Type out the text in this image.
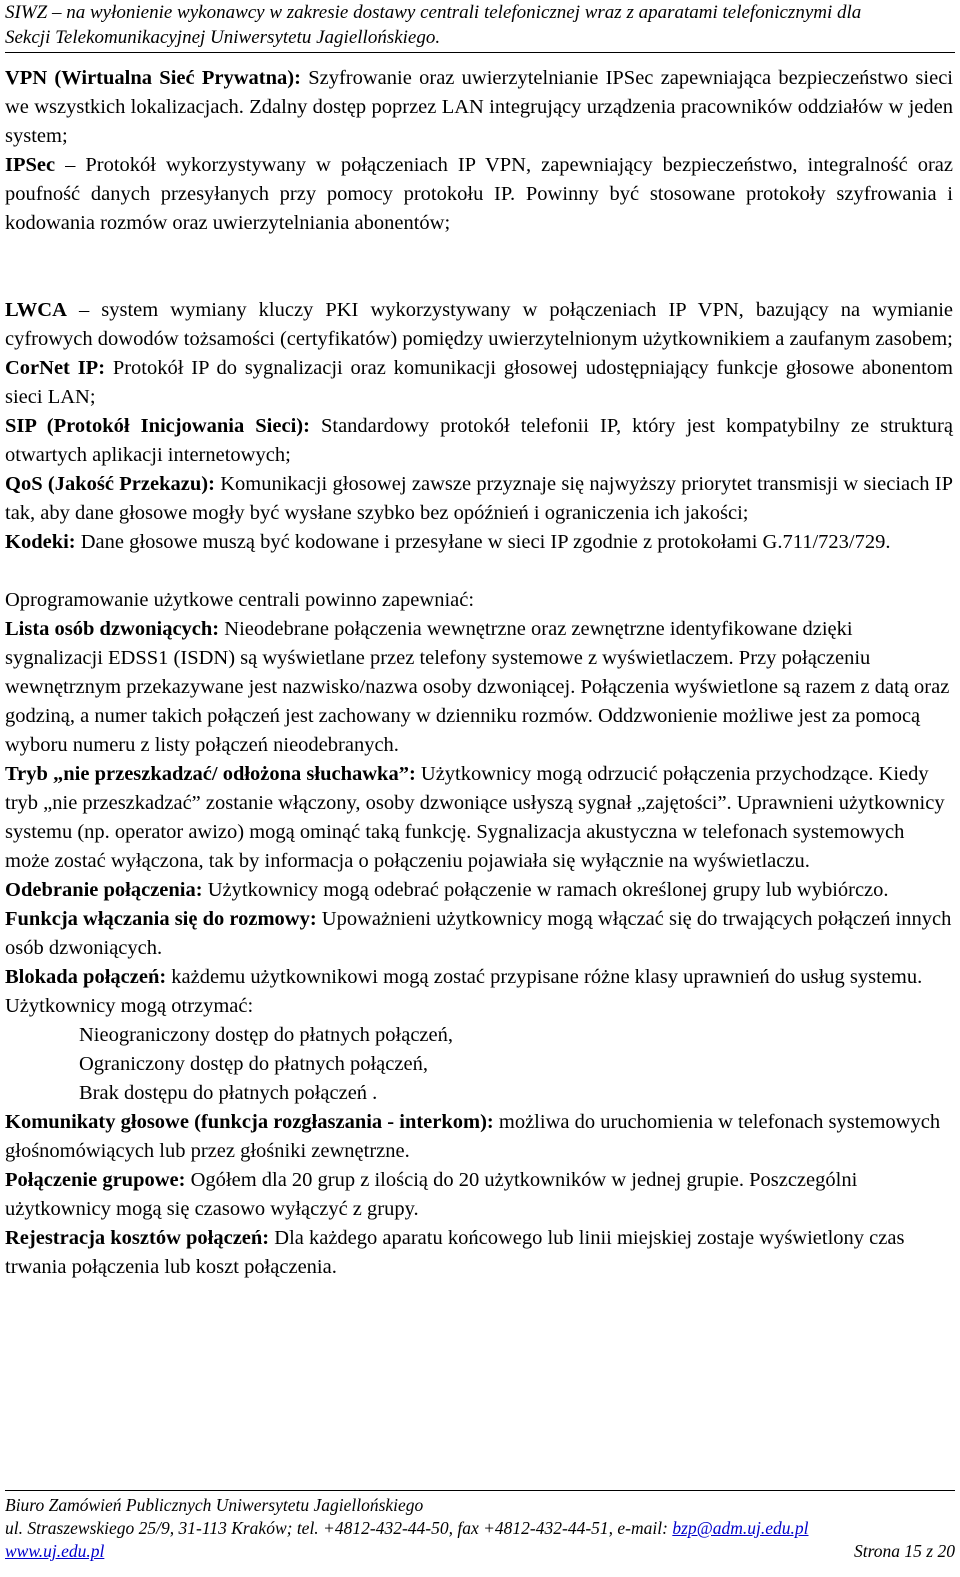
SIWZ – na wyłonienie wykonawcy w zakresie dostawy centrali telefonicznej wraz z aparatami telefonicznymi dla
Sekcji Telekomunikacyjnej Uniwersytetu Jagiellońskiego.

VPN (Wirtualna Sieć Prywatna): Szyfrowanie oraz uwierzytelnianie IPSec zapewniająca bezpieczeństwo sieci we wszystkich lokalizacjach. Zdalny dostęp poprzez LAN integrujący urządzenia pracowników oddziałów w jeden system;

IPSec – Protokół wykorzystywany w połączeniach IP VPN, zapewniający bezpieczeństwo, integralność oraz poufność danych przesyłanych przy pomocy protokołu IP. Powinny być stosowane protokoły szyfrowania i kodowania rozmów oraz uwierzytelniania abonentów;

LWCA – system wymiany kluczy PKI wykorzystywany w połączeniach IP VPN, bazujący na wymianie cyfrowych dowodów tożsamości (certyfikatów) pomiędzy uwierzytelnionym użytkownikiem a zaufanym zasobem;

CorNet IP: Protokół IP do sygnalizacji oraz komunikacji głosowej udostępniający funkcje głosowe abonentom sieci LAN;

SIP (Protokół Inicjowania Sieci): Standardowy protokół telefonii IP, który jest kompatybilny ze strukturą otwartych aplikacji internetowych;

QoS (Jakość Przekazu): Komunikacji głosowej zawsze przyznaje się najwyższy priorytet transmisji w sieciach IP tak, aby dane głosowe mogły być wysłane szybko bez opóźnień i ograniczenia ich jakości;

Kodeki: Dane głosowe muszą być kodowane i przesyłane w sieci IP zgodnie z protokołami G.711/723/729.

Oprogramowanie użytkowe centrali powinno zapewniać:

Lista osób dzwoniących: Nieodebrane połączenia wewnętrzne oraz zewnętrzne identyfikowane dzięki sygnalizacji EDSS1 (ISDN) są wyświetlane przez telefony systemowe z wyświetlaczem. Przy połączeniu wewnętrznym przekazywane jest nazwisko/nazwa osoby dzwoniącej. Połączenia wyświetlone są razem z datą oraz godziną, a numer takich połączeń jest zachowany w dzienniku rozmów. Oddzwonienie możliwe jest za pomocą wyboru numeru z listy połączeń nieodebranych.

Tryb „nie przeszkadzać/ odłożona słuchawka”: Użytkownicy mogą odrzucić połączenia przychodzące. Kiedy tryb „nie przeszkadzać” zostanie włączony, osoby dzwoniące usłyszą sygnał „zajętości”. Uprawnieni użytkownicy systemu (np. operator awizo) mogą ominąć taką funkcję. Sygnalizacja akustyczna w telefonach systemowych może zostać wyłączona, tak by informacja o połączeniu pojawiała się wyłącznie na wyświetlaczu.

Odebranie połączenia: Użytkownicy mogą odebrać połączenie w ramach określonej grupy lub wybiórczo.

Funkcja włączania się do rozmowy: Upoważnieni użytkownicy mogą włączać się do trwających połączeń innych osób dzwoniących.

Blokada połączeń: każdemu użytkownikowi mogą zostać przypisane różne klasy uprawnień do usług systemu. Użytkownicy mogą otrzymać:

Nieograniczony dostęp do płatnych połączeń,
Ograniczony dostęp do płatnych połączeń,
Brak dostępu do płatnych połączeń .

Komunikaty głosowe (funkcja rozgłaszania - interkom): możliwa do uruchomienia w telefonach systemowych głośnomówiących lub przez głośniki zewnętrzne.

Połączenie grupowe: Ogółem dla 20 grup z ilością do 20 użytkowników w jednej grupie. Poszczególni użytkownicy mogą się czasowo wyłączyć z grupy.

Rejestracja kosztów połączeń: Dla każdego aparatu końcowego lub linii miejskiej zostaje wyświetlony czas trwania połączenia lub koszt połączenia.

Biuro Zamówień Publicznych Uniwersytetu Jagiellońskiego
ul. Straszewskiego 25/9, 31-113 Kraków; tel. +4812-432-44-50, fax +4812-432-44-51, e-mail: bzp@adm.uj.edu.pl
www.uj.edu.pl	Strona 15 z 20
